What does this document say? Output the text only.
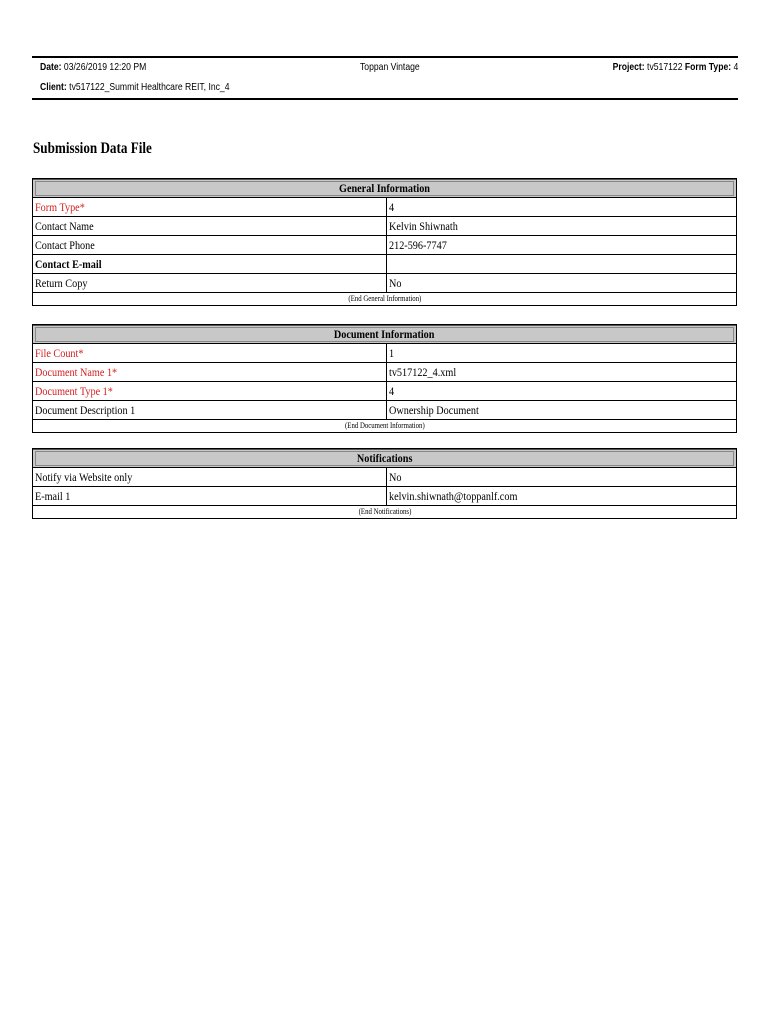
Date: 03/26/2019 12:20 PM	Toppan Vintage	Project: tv517122 Form Type: 4
Client: tv517122_Summit Healthcare REIT, Inc_4
Submission Data File
General Information
Form Type*	4
Contact Name	Kelvin Shiwnath
Contact Phone	212-596-7747
Contact E-mail
Return Copy	No
(End General Information)
Document Information
File Count*	1
Document Name 1*	tv517122_4.xml
Document Type 1*	4
Document Description 1	Ownership Document
(End Document Information)
Notifications
Notify via Website only	No
E-mail 1	kelvin.shiwnath@toppanlf.com
(End Notifications)
